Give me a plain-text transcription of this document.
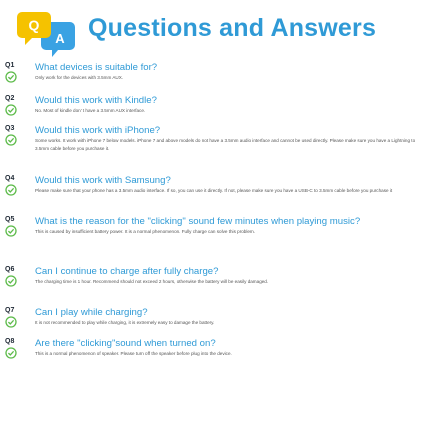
Q
A Questions and Answers
Q1	What devices is suitable for?
Only work for the devices with 3.5mm AUX.
Q2	Would this work with Kindle?
No. Most of kindle don' t have a 3.5mm AUX interface.
Q3	Would this work with iPhone?
Some works. It work with iPhone 7 below models. iPhone 7 and above models do not have a 3.5mm audio interface and cannot be used directly. Please make sure you have a Lightning to 3.5mm cable before you purchase it.
Q4	Would this work with Samsung?
Please make sure that your phone has a 3.5mm audio interface. If so, you can use it directly. If not, please make sure you have a USB-C to 3.5mm cable before you purchase it
Q5	What is the reason for the "clicking" sound few minutes when playing music?
This is caused by insufficient battery power. It is a normal phenomenon. Fully charge can solve this problem.
Q6	Can I continue to charge after fully charge?
The charging time is 1 hour. Recommend should not exceed 2 hours, otherwise the battery will be easily damaged.
Q7	Can I play while charging?
It is not recommended to play while charging, it is extremely easy to damage the battery.
Q8	Are there "clicking"sound when turned on?
This is a normal phenomenon of speaker. Please turn off the speaker before plug into the device.
